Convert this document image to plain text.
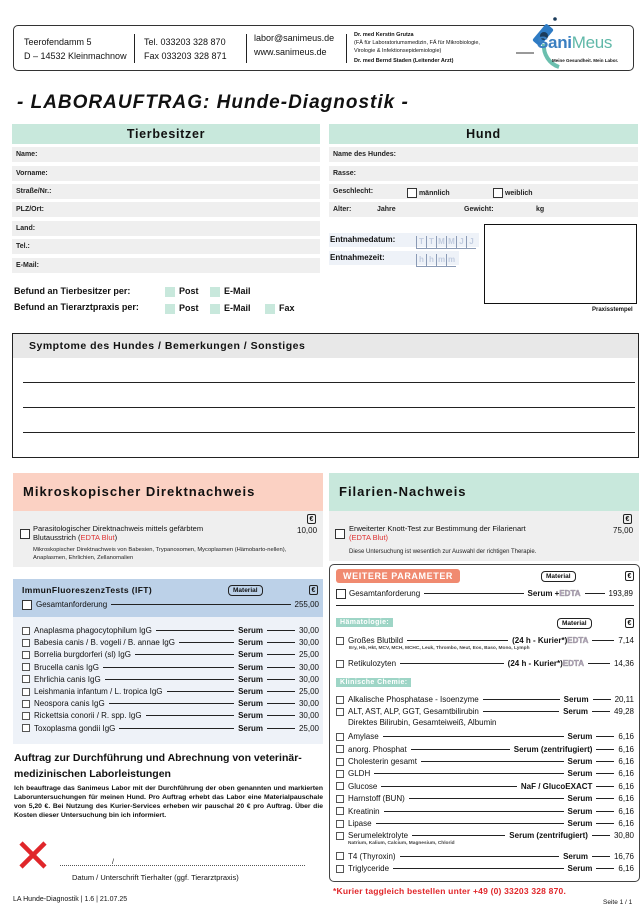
Teerofendamm 5
D – 14532 Kleinmachnow
Tel. 033203 328 870
Fax 033203 328 871
labor@sanimeus.de
www.sanimeus.de
Dr. med Kerstin Grutza
(FÄ für Laboratoriumsmedizin, FÄ für Mikrobiologie,
Virologie & Infektionsepidemiologie)
Dr. med Bernd Staden (Leitender Arzt)
SaniMeus
Meine Gesundheit. Mein Labor.
- LABORAUFTRAG: Hunde-Diagnostik -
Tierbesitzer
Name:
Vorname:
Straße/Nr.:
PLZ/Ort:
Land:
Tel.:
E-Mail:
Befund an Tierbesitzer per:	Post	E-Mail
Befund an Tierarztpraxis per:	Post	E-Mail	Fax
Hund
Name des Hundes:
Rasse:
Geschlecht:	männlich	weiblich
Alter:	Jahre	Gewicht:	kg
Entnahmedatum:	T T M M J J
Entnahmezeit:	h h m m
Praxisstempel
Symptome des Hundes / Bemerkungen / Sonstiges
Mikroskopischer Direktnachweis
€
Parasitologischer Direktnachweis mittels gefärbtem
Blutausstrich (EDTA Blut)
10,00
Mikroskopischer Direktnachweis von Babesien, Trypanosomen, Mycoplasmen (Hämobarto-nellen), Anaplasmen, Ehrlichien, Zellanomalien
Filarien-Nachweis
€
Erweiterter Knott-Test zur Bestimmung der Filarienart
(EDTA Blut)
75,00
Diese Untersuchung ist wesentlich zur Auswahl der richtigen Therapie.
ImmunFluoreszenzTests (IFT)	Material	€
Gesamtanforderung	255,00
Anaplasma phagocytophilum IgG	Serum	30,00
Babesia canis / B. vogeli / B. annae IgG	Serum	30,00
Borrelia burgdorferi (sl) IgG	Serum	25,00
Brucella canis IgG	Serum	30,00
Ehrlichia canis IgG	Serum	30,00
Leishmania infantum / L. tropica IgG	Serum	25,00
Neospora canis IgG	Serum	30,00
Rickettsia conorii / R. spp. IgG	Serum	30,00
Toxoplasma gondii IgG	Serum	25,00
Auftrag zur Durchführung und Abrechnung von veterinär-medizinischen Laborleistungen
Ich beauftrage das Sanimeus Labor mit der Durchführung der oben genannten und markierten Laboruntersuchungen für meinen Hund. Pro Auftrag erhebt das Labor eine Materialpauschale von 5,20 €. Bei Nutzung des Kurier-Services erheben wir pauschal 20 € pro Auftrag. Über die Kosten dieser Untersuchung bin ich informiert.
/
Datum / Unterschrift Tierhalter (ggf. Tierarztpraxis)
LA Hunde-Diagnostik | 1.6 | 21.07.25
WEITERE PARAMETER	Material	€
Gesamtanforderung	Serum + EDTA	193,89
Hämatologie:	Material	€
Großes Blutbild	(24 h - Kurier*) EDTA	7,14
Ery, Hb, Hkt, MCV, MCH, MCHC, Leuk, Thrombo, Neut, Eos, Baso, Mono, Lymph
Retikulozyten	(24 h - Kurier*) EDTA	14,36
Klinische Chemie:
Alkalische Phosphatase - Isoenzyme	Serum	20,11
ALT, AST, ALP, GGT, Gesamtbilirubin	Serum	49,28
Direktes Bilirubin, Gesamteiweiß, Albumin
Amylase	Serum	6,16
anorg. Phosphat	Serum (zentrifugiert)	6,16
Cholesterin gesamt	Serum	6,16
GLDH	Serum	6,16
Glucose	NaF / GlucoEXACT	6,16
Harnstoff (BUN)	Serum	6,16
Kreatinin	Serum	6,16
Lipase	Serum	6,16
Serumelektrolyte	Serum (zentrifugiert)	30,80
Natrium, Kalium, Calcium, Magnesium, Chlorid
T4 (Thyroxin)	Serum	16,76
Triglyceride	Serum	6,16
*Kurier taggleich bestellen unter +49 (0) 33203 328 870.
Seite 1 / 1
